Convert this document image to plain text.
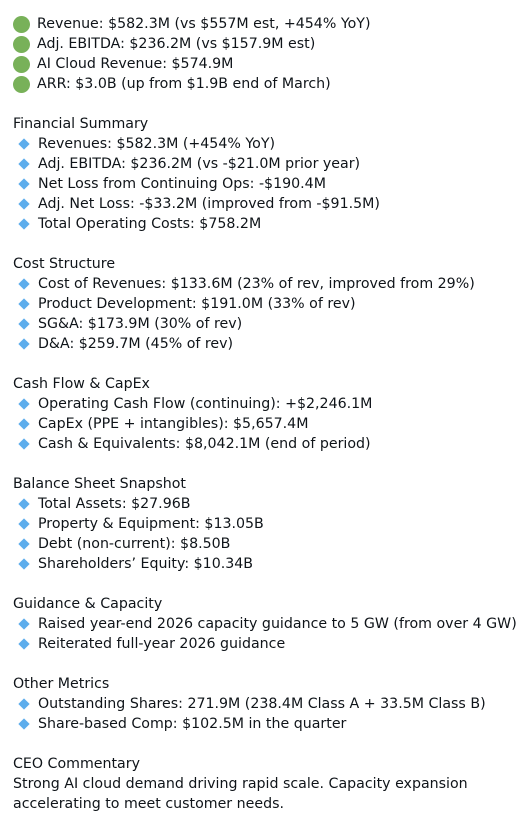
Revenue: $582.3M (vs $557M est, +454% YoY)
Adj. EBITDA: $236.2M (vs $157.9M est)
AI Cloud Revenue: $574.9M
ARR: $3.0B (up from $1.9B end of March)
Financial Summary
Revenues: $582.3M (+454% YoY)
Adj. EBITDA: $236.2M (vs -$21.0M prior year)
Net Loss from Continuing Ops: -$190.4M
Adj. Net Loss: -$33.2M (improved from -$91.5M)
Total Operating Costs: $758.2M
Cost Structure
Cost of Revenues: $133.6M (23% of rev, improved from 29%)
Product Development: $191.0M (33% of rev)
SG&A: $173.9M (30% of rev)
D&A: $259.7M (45% of rev)
Cash Flow & CapEx
Operating Cash Flow (continuing): +$2,246.1M
CapEx (PPE + intangibles): $5,657.4M
Cash & Equivalents: $8,042.1M (end of period)
Balance Sheet Snapshot
Total Assets: $27.96B
Property & Equipment: $13.05B
Debt (non-current): $8.50B
Shareholders’ Equity: $10.34B
Guidance & Capacity
Raised year-end 2026 capacity guidance to 5 GW (from over 4 GW)
Reiterated full-year 2026 guidance
Other Metrics
Outstanding Shares: 271.9M (238.4M Class A + 33.5M Class B)
Share-based Comp: $102.5M in the quarter
CEO Commentary
Strong AI cloud demand driving rapid scale. Capacity expansion accelerating to meet customer needs.
